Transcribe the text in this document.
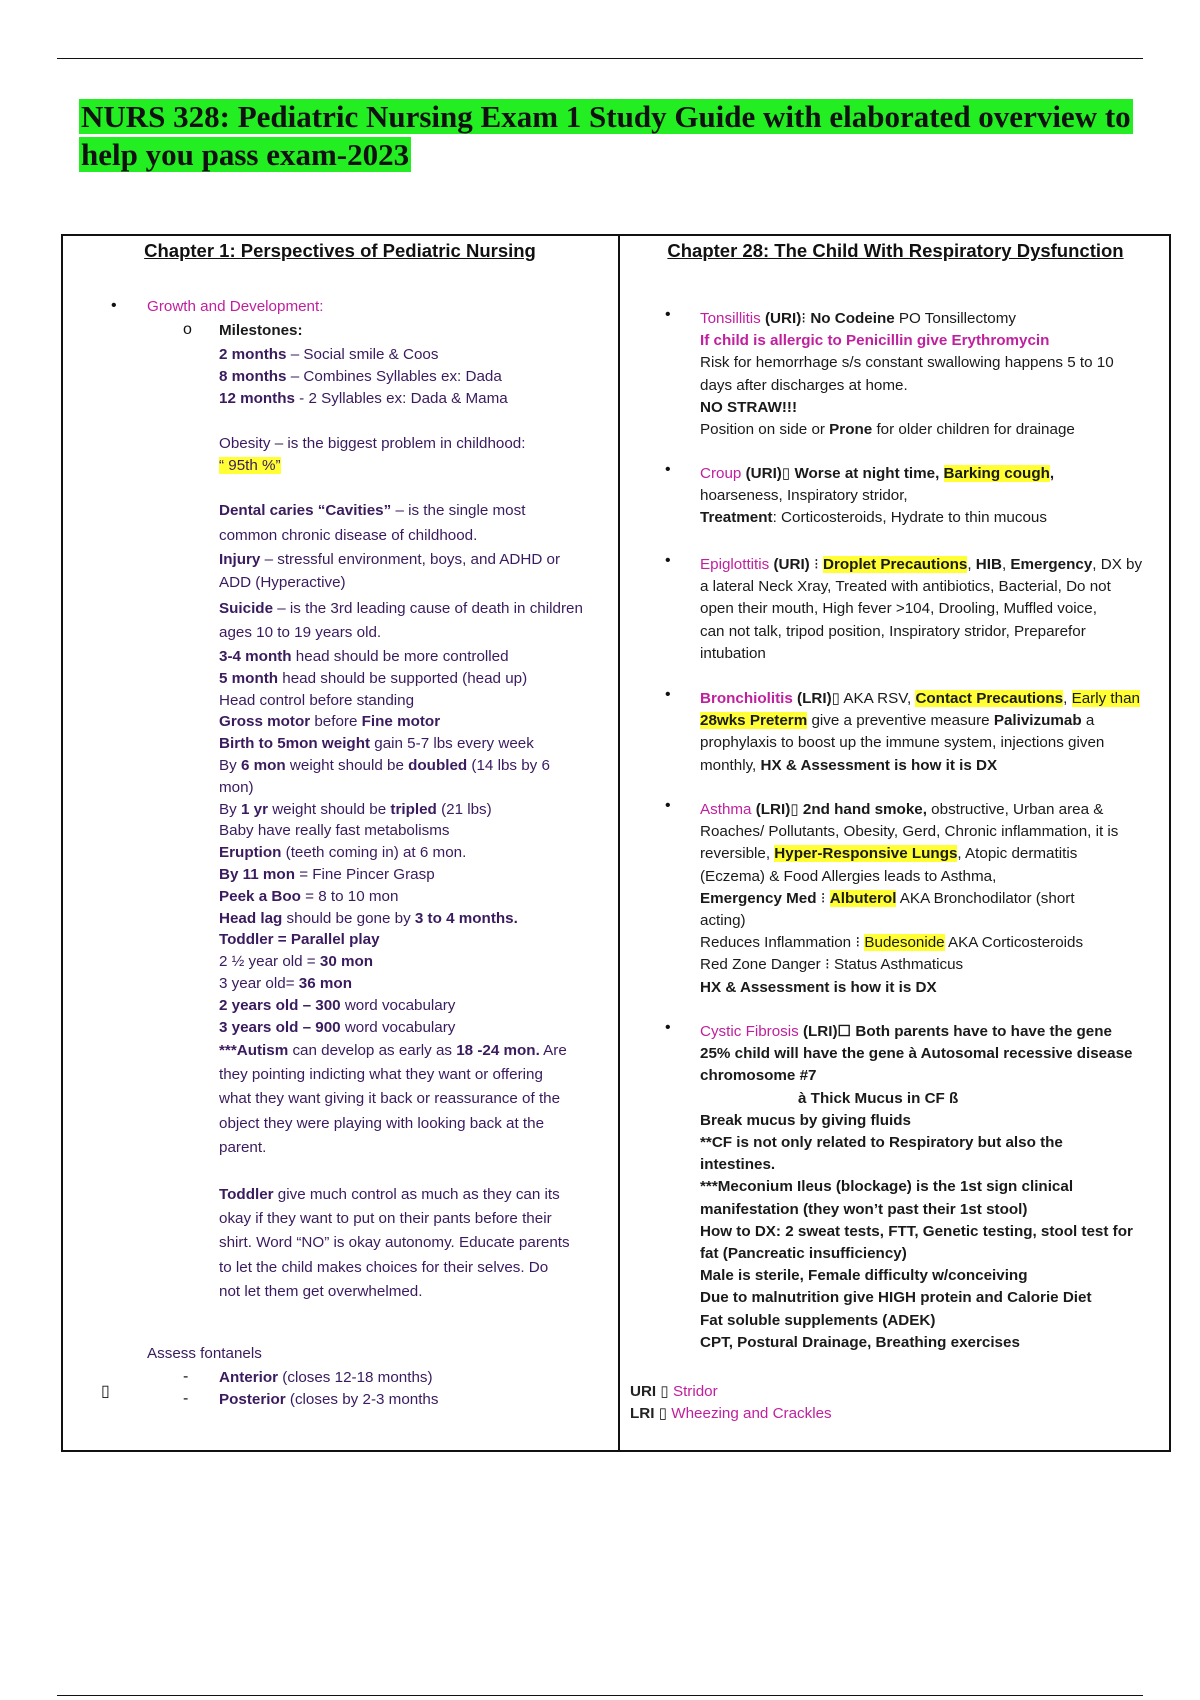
NURS 328: Pediatric Nursing Exam 1 Study Guide with elaborated overview to help you pass exam-2023
Chapter 1: Perspectives of Pediatric Nursing
• Growth and Development:
o Milestones:
2 months – Social smile & Coos
8 months – Combines Syllables ex: Dada
12 months - 2 Syllables ex: Dada & Mama
Obesity – is the biggest problem in childhood:
“ 95th %”
Dental caries “Cavities” – is the single most
common chronic disease of childhood.
Injury – stressful environment, boys, and ADHD or
ADD (Hyperactive)
Suicide – is the 3rd leading cause of death in children
ages 10 to 19 years old.
3-4 month head should be more controlled
5 month head should be supported (head up)
Head control before standing
Gross motor before Fine motor
Birth to 5mon weight gain 5-7 lbs every week
By 6 mon weight should be doubled (14 lbs by 6
mon)
By 1 yr weight should be tripled (21 lbs)
Baby have really fast metabolisms
Eruption (teeth coming in) at 6 mon.
By 11 mon = Fine Pincer Grasp
Peek a Boo = 8 to 10 mon
Head lag should be gone by 3 to 4 months.
Toddler = Parallel play
2 ½ year old = 30 mon
3 year old= 36 mon
2 years old – 300 word vocabulary
3 years old – 900 word vocabulary
***Autism can develop as early as 18 -24 mon. Are
they pointing indicting what they want or offering
what they want giving it back or reassurance of the
object they were playing with looking back at the
parent.
Toddler give much control as much as they can its
okay if they want to put on their pants before their
shirt. Word “NO” is okay autonomy. Educate parents
to let the child makes choices for their selves. Do
not let them get overwhelmed.
Assess fontanels
- Anterior (closes 12-18 months)
▯	- Posterior (closes by 2-3 months
Chapter 28: The Child With Respiratory Dysfunction
• Tonsillitis (URI)⁝ No Codeine PO Tonsillectomy
If child is allergic to Penicillin give Erythromycin
Risk for hemorrhage s/s constant swallowing happens 5 to 10
days after discharges at home.
NO STRAW!!!
Position on side or Prone for older children for drainage
• Croup (URI)▯ Worse at night time, Barking cough,
hoarseness, Inspiratory stridor,
Treatment: Corticosteroids, Hydrate to thin mucous
• Epiglottitis (URI) ⁝ Droplet Precautions, HIB, Emergency, DX by
a lateral Neck Xray, Treated with antibiotics, Bacterial, Do not
open their mouth, High fever >104, Drooling, Muffled voice,
can not talk, tripod position, Inspiratory stridor, Preparefor
intubation
• Bronchiolitis (LRI)▯ AKA RSV, Contact Precautions, Early than
28wks Preterm give a preventive measure Palivizumab a
prophylaxis to boost up the immune system, injections given
monthly, HX & Assessment is how it is DX
• Asthma (LRI)▯ 2nd hand smoke, obstructive, Urban area &
Roaches/ Pollutants, Obesity, Gerd, Chronic inflammation, it is
reversible, Hyper-Responsive Lungs, Atopic dermatitis
(Eczema) & Food Allergies leads to Asthma,
Emergency Med ⁝ Albuterol AKA Bronchodilator (short
acting)
Reduces Inflammation ⁝ Budesonide AKA Corticosteroids
Red Zone Danger ⁝ Status Asthmaticus
HX & Assessment is how it is DX
• Cystic Fibrosis (LRI)☐ Both parents have to have the gene
25% child will have the gene à Autosomal recessive disease
chromosome #7
à Thick Mucus in CF ß
Break mucus by giving fluids
**CF is not only related to Respiratory but also the
intestines.
***Meconium Ileus (blockage) is the 1st sign clinical
manifestation (they won’t past their 1st stool)
How to DX: 2 sweat tests, FTT, Genetic testing, stool test for
fat (Pancreatic insufficiency)
Male is sterile, Female difficulty w/conceiving
Due to malnutrition give HIGH protein and Calorie Diet
Fat soluble supplements (ADEK)
CPT, Postural Drainage, Breathing exercises
URI ▯ Stridor
LRI ▯ Wheezing and Crackles
